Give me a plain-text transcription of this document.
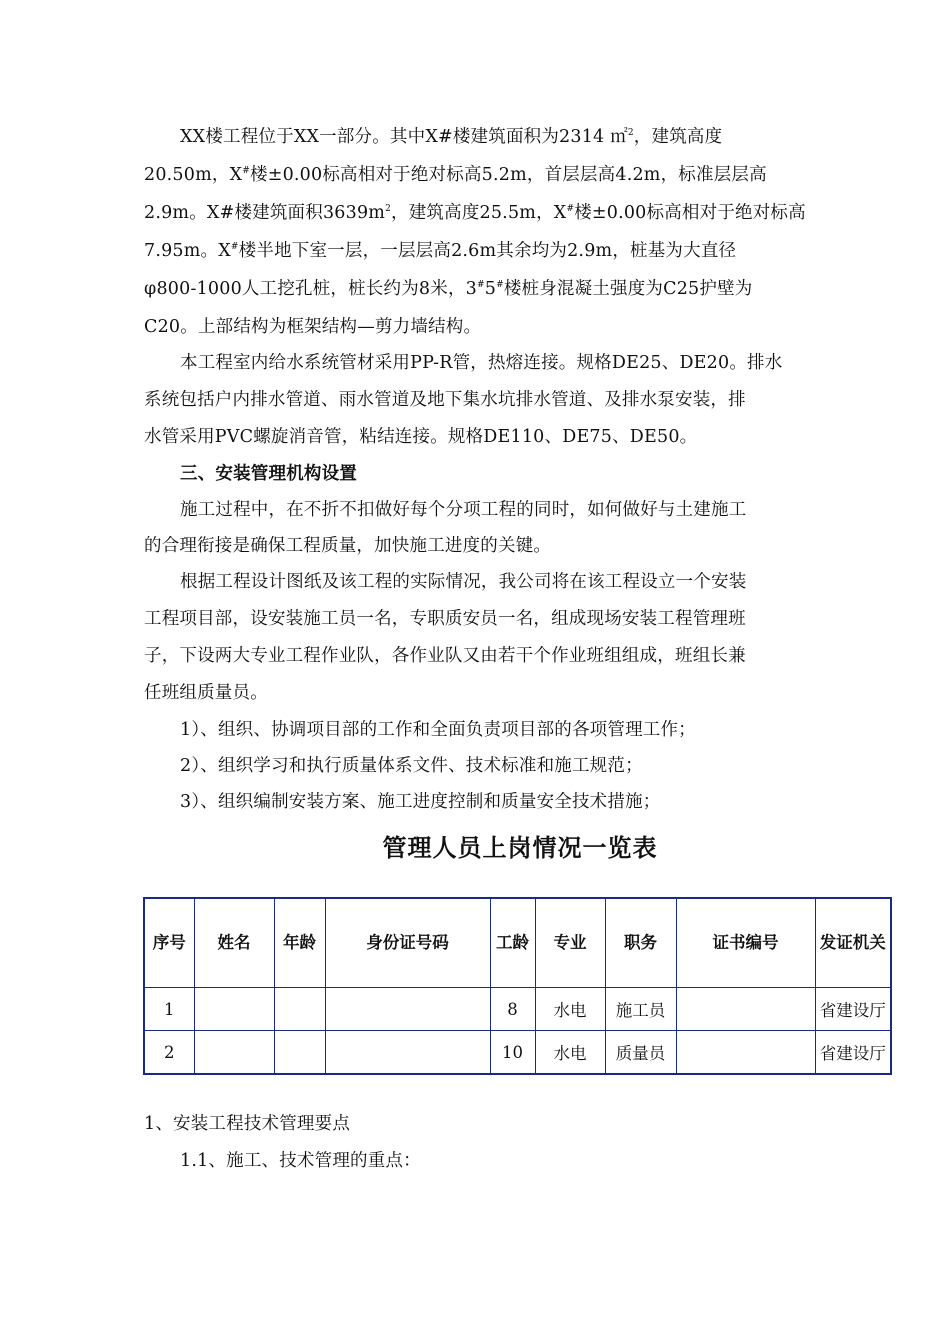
XX楼工程位于XX一部分。其中X#楼建筑面积为2314 ㎡$^2$，建筑高度
20.50m，X#楼±0.00标高相对于绝对标高5.2m，首层层高4.2m，标准层层高
2.9m。X#楼建筑面积$3639m^2$，建筑高度25.5m，X#楼±0.00标高相对于绝对标高
7.95m。X#楼半地下室一层，一层层高2.6m其余均为2.9m，桩基为大直径
φ800-1000人工挖孔桩，桩长约为8米，3#5#楼桩身混凝土强度为C25护壁为
C20。上部结构为框架结构—剪力墙结构。
本工程室内给水系统管材采用PP-R管，热熔连接。规格DE25、DE20。排水
系统包括户内排水管道、雨水管道及地下集水坑排水管道、及排水泵安装，排
水管采用PVC螺旋消音管，粘结连接。规格DE110、DE75、DE50。
三、安装管理机构设置
施工过程中，在不折不扣做好每个分项工程的同时，如何做好与土建施工
的合理衔接是确保工程质量，加快施工进度的关键。
根据工程设计图纸及该工程的实际情况，我公司将在该工程设立一个安装
工程项目部，设安装施工员一名，专职质安员一名，组成现场安装工程管理班
子，下设两大专业工程作业队，各作业队又由若干个作业班组组成，班组长兼
任班组质量员。
1）、组织、协调项目部的工作和全面负责项目部的各项管理工作；
2）、组织学习和执行质量体系文件、技术标准和施工规范；
3）、组织编制安装方案、施工进度控制和质量安全技术措施；
管理人员上岗情况一览表
序号	姓名	年龄	身份证号码	工龄	专业	职务	证书编号	发证机关
1				8	水电	施工员		省建设厅
2				10	水电	质量员		省建设厅
1、安装工程技术管理要点
1.1、施工、技术管理的重点：
